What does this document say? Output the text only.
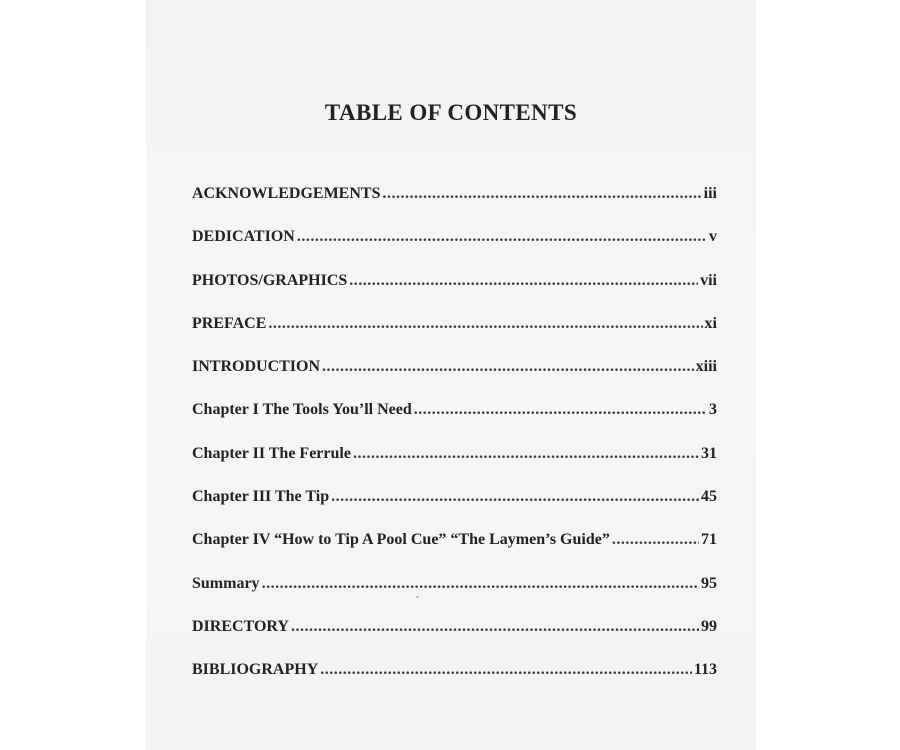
TABLE OF CONTENTS
ACKNOWLEDGEMENTS .....	iii
DEDICATION .....	v
PHOTOS/GRAPHICS .....	vii
PREFACE .....	xi
INTRODUCTION .....	xiii
Chapter I The Tools You’ll Need .....	3
Chapter II The Ferrule .....	31
Chapter III The Tip .....	45
Chapter IV “How to Tip A Pool Cue” “The Laymen’s Guide” .....	71
Summary .....	95
DIRECTORY .....	99
BIBLIOGRAPHY .....	113
